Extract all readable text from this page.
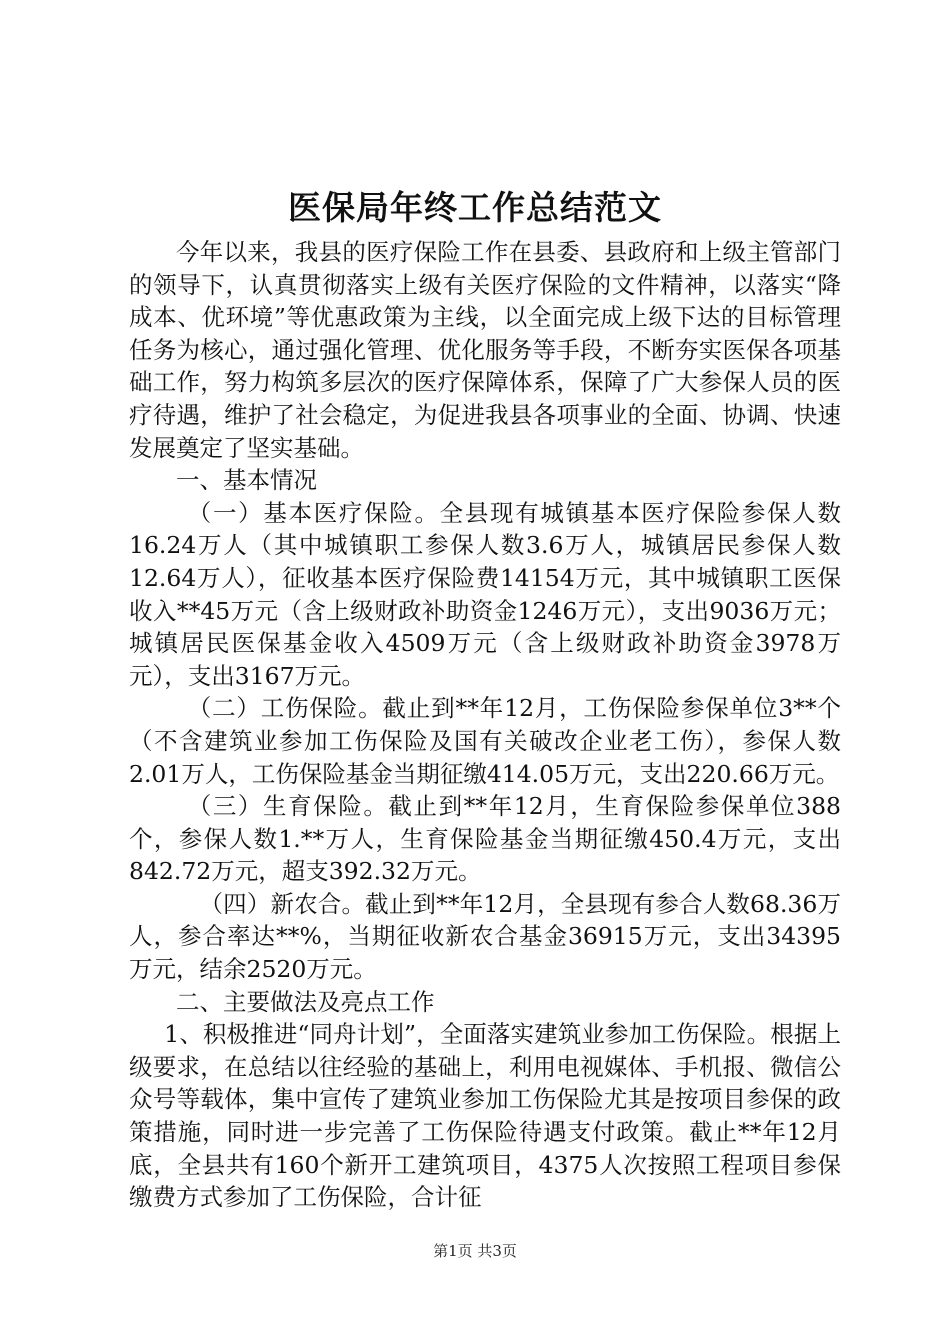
医保局年终工作总结范文

今年以来，我县的医疗保险工作在县委、县政府和上级主管部门的领导下，认真贯彻落实上级有关医疗保险的文件精神，以落实“降成本、优环境”等优惠政策为主线，以全面完成上级下达的目标管理任务为核心，通过强化管理、优化服务等手段，不断夯实医保各项基础工作，努力构筑多层次的医疗保障体系，保障了广大参保人员的医疗待遇，维护了社会稳定，为促进我县各项事业的全面、协调、快速发展奠定了坚实基础。

一、基本情况

（一）基本医疗保险。全县现有城镇基本医疗保险参保人数16.24万人（其中城镇职工参保人数3.6万人，城镇居民参保人数12.64万人），征收基本医疗保险费14154万元，其中城镇职工医保收入**45万元（含上级财政补助资金1246万元），支出9036万元；城镇居民医保基金收入4509万元（含上级财政补助资金3978万元），支出3167万元。

（二）工伤保险。截止到**年12月，工伤保险参保单位3**个（不含建筑业参加工伤保险及国有关破改企业老工伤），参保人数2.01万人，工伤保险基金当期征缴414.05万元，支出220.66万元。

（三）生育保险。截止到**年12月，生育保险参保单位388个，参保人数1.**万人，生育保险基金当期征缴450.4万元，支出842.72万元，超支392.32万元。

（四）新农合。截止到**年12月，全县现有参合人数68.36万人，参合率达**%，当期征收新农合基金36915万元，支出34395万元，结余2520万元。

二、主要做法及亮点工作

1、积极推进“同舟计划”，全面落实建筑业参加工伤保险。根据上级要求，在总结以往经验的基础上，利用电视媒体、手机报、微信公众号等载体，集中宣传了建筑业参加工伤保险尤其是按项目参保的政策措施，同时进一步完善了工伤保险待遇支付政策。截止**年12月底，全县共有160个新开工建筑项目，4375人次按照工程项目参保缴费方式参加了工伤保险，合计征

第1页 共3页
